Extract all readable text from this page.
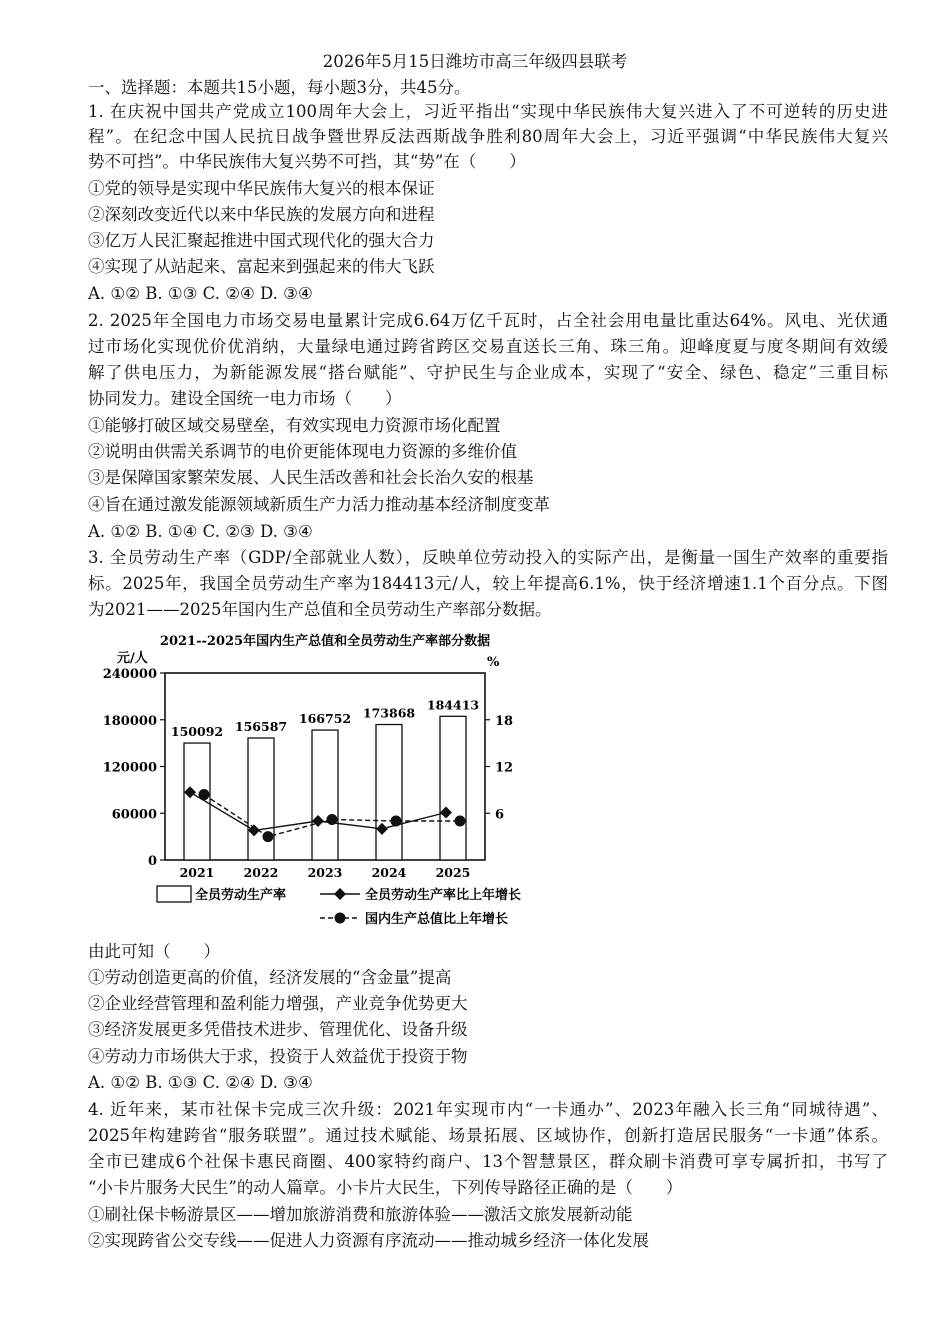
2026年5月15日潍坊市高三年级四县联考
一、选择题：本题共15小题，每小题3分，共45分。
1. 在庆祝中国共产党成立100周年大会上，习近平指出“实现中华民族伟大复兴进入了不可逆转的历史进
程”。在纪念中国人民抗日战争暨世界反法西斯战争胜利80周年大会上，习近平强调“中华民族伟大复兴
势不可挡”。中华民族伟大复兴势不可挡，其“势”在（　　）
①党的领导是实现中华民族伟大复兴的根本保证
②深刻改变近代以来中华民族的发展方向和进程
③亿万人民汇聚起推进中国式现代化的强大合力
④实现了从站起来、富起来到强起来的伟大飞跃
A. ①② B. ①③ C. ②④ D. ③④
2. 2025年全国电力市场交易电量累计完成6.64万亿千瓦时，占全社会用电量比重达64%。风电、光伏通
过市场化实现优价优消纳，大量绿电通过跨省跨区交易直送长三角、珠三角。迎峰度夏与度冬期间有效缓
解了供电压力，为新能源发展“搭台赋能”、守护民生与企业成本，实现了“安全、绿色、稳定”三重目标
协同发力。建设全国统一电力市场（　　）
①能够打破区域交易壁垒，有效实现电力资源市场化配置
②说明由供需关系调节的电价更能体现电力资源的多维价值
③是保障国家繁荣发展、人民生活改善和社会长治久安的根基
④旨在通过激发能源领域新质生产力活力推动基本经济制度变革
A. ①② B. ①④ C. ②③ D. ③④
3. 全员劳动生产率（GDP/全部就业人数），反映单位劳动投入的实际产出，是衡量一国生产效率的重要指
标。2025年，我国全员劳动生产率为184413元/人，较上年提高6.1%，快于经济增速1.1个百分点。下图
为2021——2025年国内生产总值和全员劳动生产率部分数据。
2021--2025年国内生产总值和全员劳动生产率部分数据
元/人	%
240000
180000
120000
60000
0
18
12
6
150092 156587
166752 173868
184413
2021 2022 2023 2024 2025
全员劳动生产率	全员劳动生产率比上年增长
国内生产总值比上年增长
由此可知（　　）
①劳动创造更高的价值，经济发展的“含金量”提高
②企业经营管理和盈利能力增强，产业竞争优势更大
③经济发展更多凭借技术进步、管理优化、设备升级
④劳动力市场供大于求，投资于人效益优于投资于物
A. ①② B. ①③ C. ②④ D. ③④
4. 近年来，某市社保卡完成三次升级：2021年实现市内“一卡通办”、2023年融入长三角“同城待遇”、
2025年构建跨省“服务联盟”。通过技术赋能、场景拓展、区域协作，创新打造居民服务“一卡通”体系。
全市已建成6个社保卡惠民商圈、400家特约商户、13个智慧景区，群众刷卡消费可享专属折扣，书写了
“小卡片服务大民生”的动人篇章。小卡片大民生，下列传导路径正确的是（　　）
①刷社保卡畅游景区——增加旅游消费和旅游体验——激活文旅发展新动能
②实现跨省公交专线——促进人力资源有序流动——推动城乡经济一体化发展
